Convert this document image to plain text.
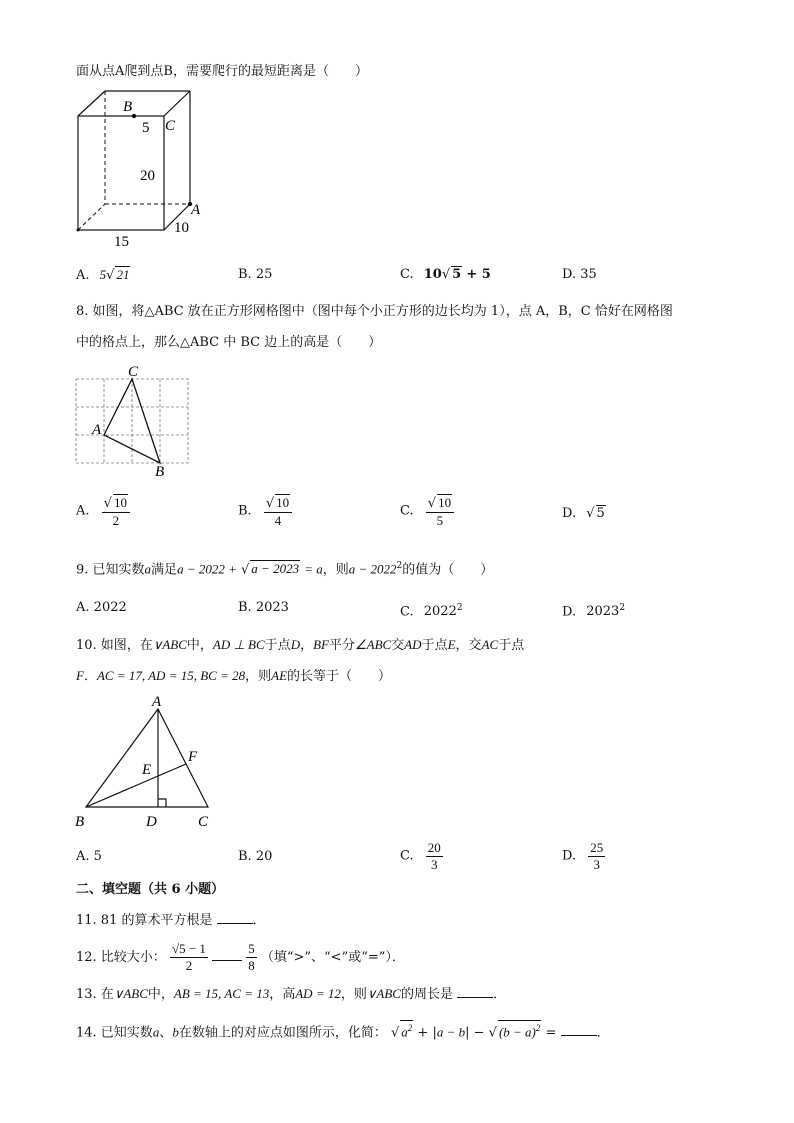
面从点A爬到点B，需要爬行的最短距离是（　　）
B
C
A
5
20
10
15
A. 5√ 21	B. 25	C. 10√ 5 + 5	D. 35
8. 如图，将△ABC 放在正方形网格图中（图中每个小正方形的边长均为 1），点 A，B，C 恰好在网格图
中的格点上，那么△ABC 中 BC 边上的高是（　　）
C
A
B
A. $\frac{√ 10}{2}$	B. $\frac{√ 10}{4}$	C. $\frac{√ 10}{5}$	D. √ 5
9. 已知实数a满足a − 2022 + √ a − 2023 = a，则$a - 2022^2$的值为（　　）
A. 2022	B. 2023	C. 2022$^2$	D. 2023$^2$
10. 如图，在∨ABC中，AD ⊥ BC于点D，BF平分∠ABC交AD于点E，交AC于点
F．AC = 17, AD = 15, BC = 28，则AE的长等于（　　）
A
B	C
D
E
F
A. 5	B. 20	C. $\frac{20}{3}$	D. $\frac{25}{3}$
二、填空题（共 6 小题）
11. 81 的算术平方根是	．
12. 比较大小： $\frac{√5 - 1}{2}$
	$\frac{5}{8}$ （填“>”、“<”或“=”）．
13. 在∨ABC中，AB = 15, AC = 13，高AD = 12，则∨ABC的周长是	．
14. 已知实数a、b在数轴上的对应点如图所示，化简： √ $a^2 + |a - b|$ − √ $(b - a)^2$ =	．
